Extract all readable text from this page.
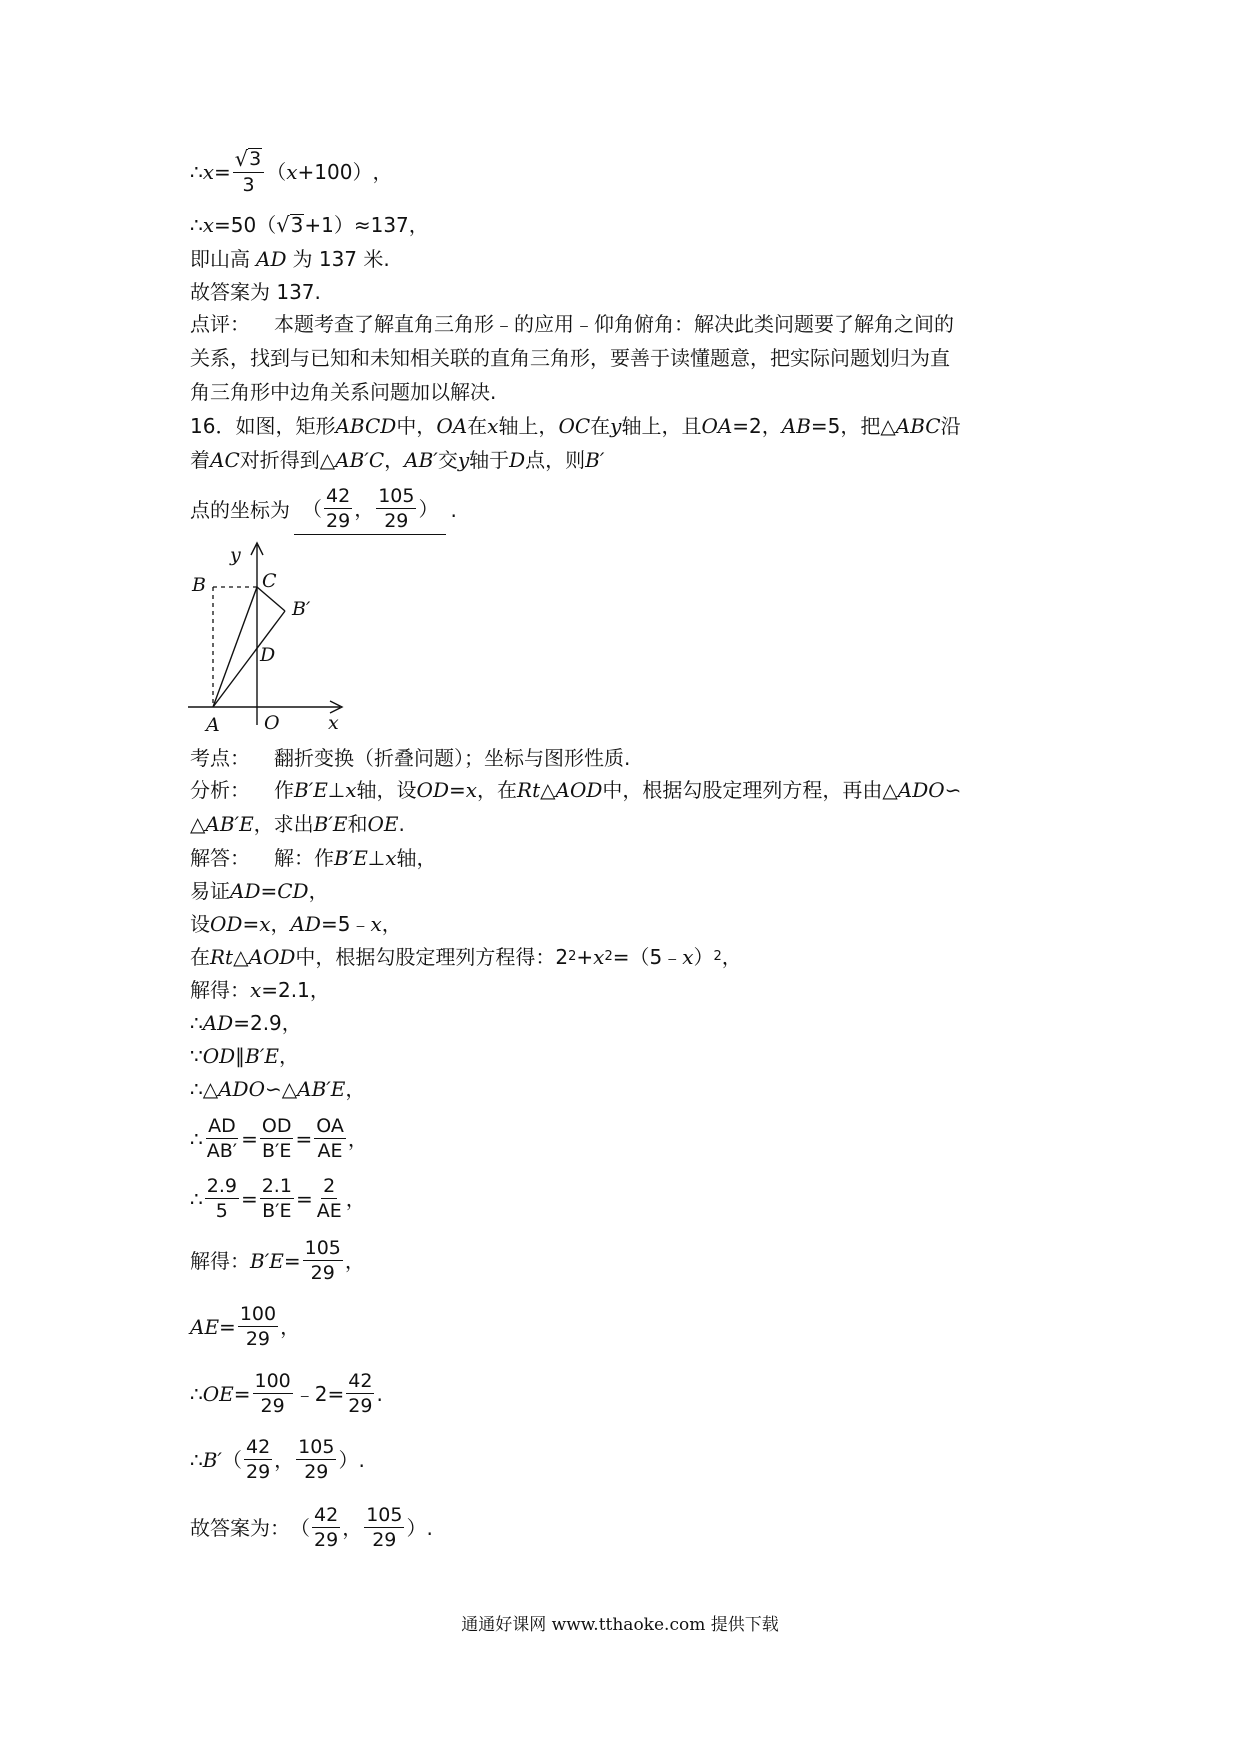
∴ $x = \frac{√ 3}{3}$ （ x +100） ，
∴ x =50（ √ 3 +1）≈137，
即山高 AD 为 137 米.
故答案为 137.
点评： 本题考查了解直角三角形﹣的应用﹣仰角俯角：解决此类问题要了解角之间的
关系，找到与已知和未知相关联的直角三角形，要善于读懂题意，把实际问题划归为直
角三角形中边角关系问题加以解决.
16．如图，矩形 ABCD 中， OA 在 x 轴上， OC 在 y 轴上，且 OA =2， AB =5，把△ ABC 沿
着 AC 对折得到△ AB′C ， AB′ 交 y 轴于 D 点，则 B′
点的坐标为 （ $\frac{42}{29}$ ， $\frac{105}{29}$ ） .
y
B	C
B′
D
A O	x
考点： 翻折变换（折叠问题）；坐标与图形性质.
分析： 作 B′E ⊥ x 轴，设 OD = x ，在 Rt △ AOD 中，根据勾股定理列方程，再由△ ADO ∽
△ AB′E ，求出 B′E 和 OE .
解答： 解：作 B′E ⊥ x 轴，
易证 AD = CD ，
设 OD = x ， AD =5﹣ x ，
在 Rt △ AOD 中，根据勾股定理列方程得：2 2 + x 2 =（5﹣ x ） 2 ，
解得： x =2.1，
∴ AD =2.9，
∵ OD ∥ B′E ，
∴△ ADO ∽△ AB′E ，
∴ $\frac{AD}{AB'} = \frac{OD}{B'E} = \frac{OA}{AE}$ ，
∴ $\frac{2.9}{5} = \frac{2.1}{B'E} = \frac{2}{AE}$ ，
解得： $B'E = \frac{105}{29}$ ，
AE = $\frac{100}{29}$ ，
∴ OE = $\frac{100}{29}$ ﹣2= $\frac{42}{29}$ .
∴ B′ （ $\frac{42}{29}$ ， $\frac{105}{29}$ ） .
故答案为： （ $\frac{42}{29}$ ， $\frac{105}{29}$ ） .
通通好课网 www.tthaoke.com 提供下载
